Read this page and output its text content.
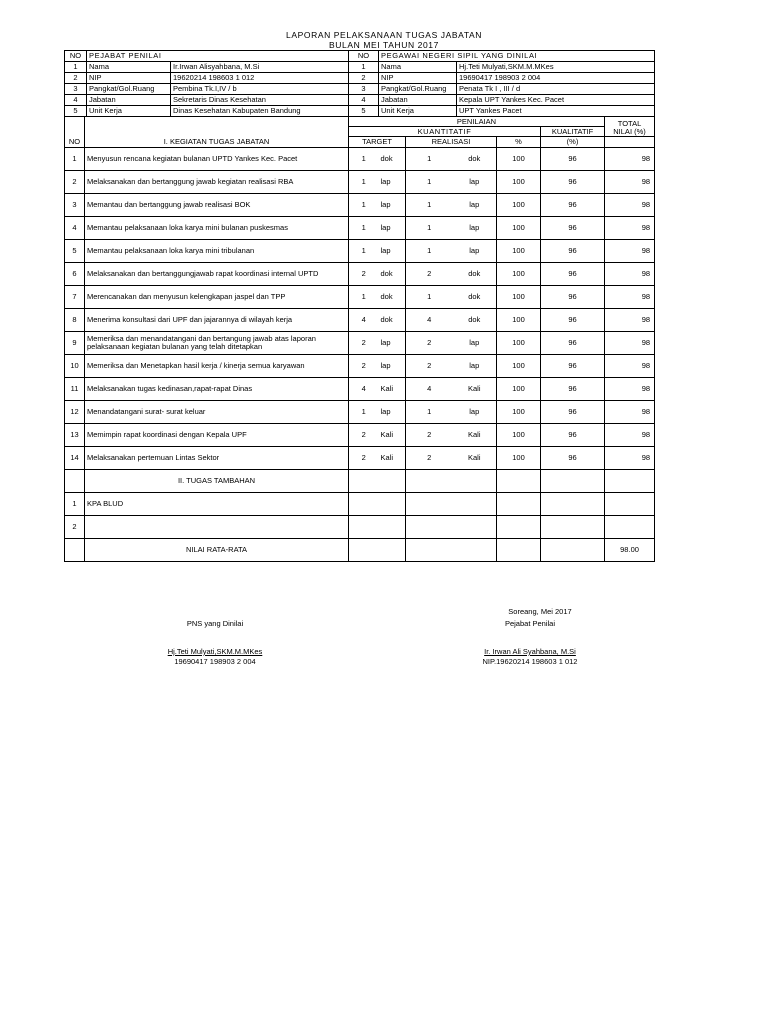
LAPORAN PELAKSANAAN TUGAS JABATAN
BULAN MEI TAHUN 2017
NO	PEJABAT PENILAI		NO	PEGAWAI NEGERI SIPIL YANG DINILAI	
1	Nama	Ir.Irwan Alisyahbana, M.Si	1	Nama	Hj.Teti Mulyati,SKM.M.MKes
2	NIP	19620214 198603 1 012	2	NIP	19690417 198903 2 004
3	Pangkat/Gol.Ruang	Pembina Tk.I,IV / b	3	Pangkat/Gol.Ruang	Penata Tk I , III / d
4	Jabatan	Sekretaris Dinas Kesehatan	4	Jabatan	Kepala UPT Yankes Kec. Pacet
5	Unit Kerja	Dinas Kesehatan Kabupaten Bandung	5	Unit Kerja	UPT Yankes Pacet
		PENILAIAN						TOTAL
NILAI (%)
		KUANTITATIF					KUALITATIF	
NO	I. KEGIATAN TUGAS JABATAN	TARGET		REALISASI		%	(%)	
1	Menyusun rencana kegiatan bulanan UPTD Yankes Kec. Pacet	1	dok	1	dok	100	96	98
2	Melaksanakan dan bertanggung jawab kegiatan realisasi RBA	1	lap	1	lap	100	96	98
3	Memantau dan bertanggung jawab realisasi BOK	1	lap	1	lap	100	96	98
4	Memantau pelaksanaan loka karya mini bulanan puskesmas	1	lap	1	lap	100	96	98
5	Memantau pelaksanaan loka karya mini tribulanan	1	lap	1	lap	100	96	98
6	Melaksanakan dan bertanggungjawab rapat koordinasi internal UPTD	2	dok	2	dok	100	96	98
7	Merencanakan dan menyusun kelengkapan jaspel dan TPP	1	dok	1	dok	100	96	98
8	Menerima konsultasi dari UPF dan jajarannya di wilayah kerja	4	dok	4	dok	100	96	98
9	Memeriksa dan menandatangani dan bertangung jawab atas laporan pelaksanaan kegiatan bulanan yang telah ditetapkan	2	lap	2	lap	100	96	98
10	Memeriksa dan Menetapkan hasil kerja / kinerja semua karyawan	2	lap	2	lap	100	96	98
11	Melaksanakan tugas kedinasan,rapat-rapat Dinas	4	Kali	4	Kali	100	96	98
12	Menandatangani surat- surat keluar	1	lap	1	lap	100	96	98
13	Memimpin rapat koordinasi dengan Kepala UPF	2	Kali	2	Kali	100	96	98
14	Melaksanakan pertemuan Lintas Sektor	2	Kali	2	Kali	100	96	98
	II. TUGAS TAMBAHAN							
1	KPA BLUD							
2								
	NILAI RATA-RATA							98.00
Soreang, Mei 2017
PNS yang Dinilai	Pejabat Penilai
Hj.Teti Mulyati,SKM.M.MKes
19690417 198903 2 004
Ir. Irwan Ali Syahbana, M.Si
NIP.19620214 198603 1 012
